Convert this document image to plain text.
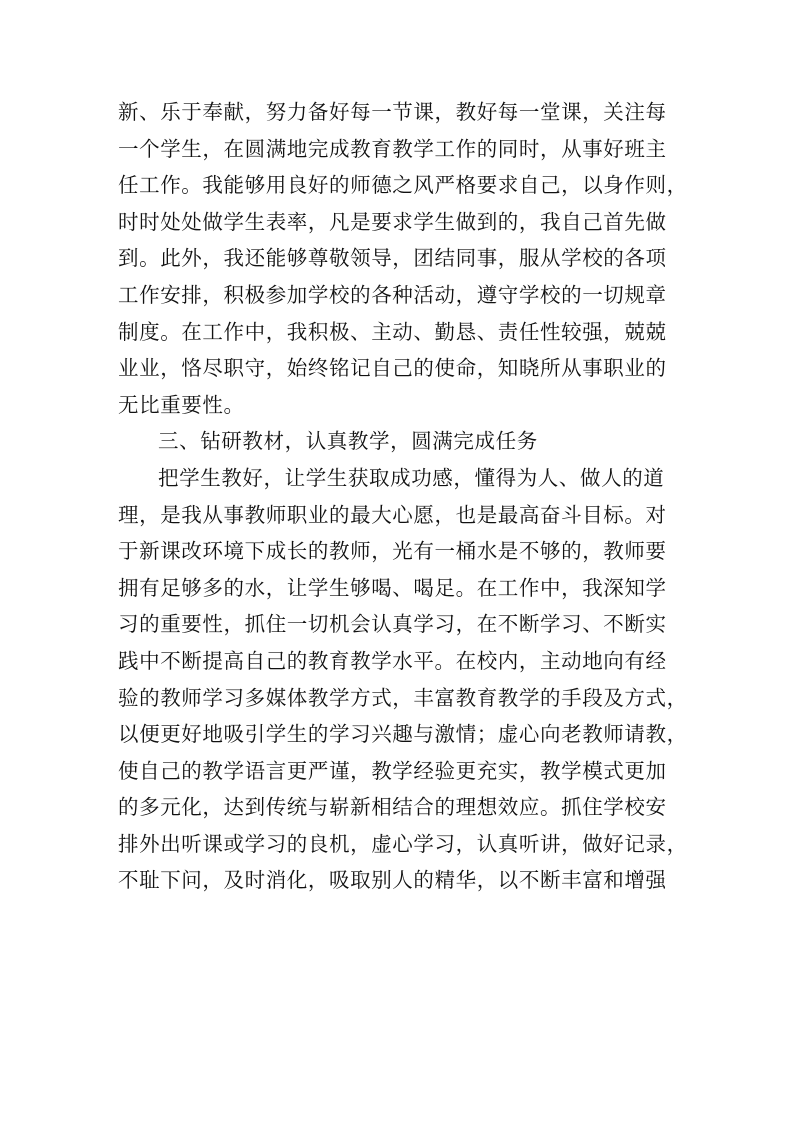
新、乐于奉献，努力备好每一节课，教好每一堂课，关注每
一个学生，在圆满地完成教育教学工作的同时，从事好班主
任工作。我能够用良好的师德之风严格要求自己，以身作则，
时时处处做学生表率，凡是要求学生做到的，我自己首先做
到。此外，我还能够尊敬领导，团结同事，服从学校的各项
工作安排，积极参加学校的各种活动，遵守学校的一切规章
制度。在工作中，我积极、主动、勤恳、责任性较强，兢兢
业业，恪尽职守，始终铭记自己的使命，知晓所从事职业的
无比重要性。
三、钻研教材，认真教学，圆满完成任务
把学生教好，让学生获取成功感，懂得为人、做人的道
理，是我从事教师职业的最大心愿，也是最高奋斗目标。对
于新课改环境下成长的教师，光有一桶水是不够的，教师要
拥有足够多的水，让学生够喝、喝足。在工作中，我深知学
习的重要性，抓住一切机会认真学习，在不断学习、不断实
践中不断提高自己的教育教学水平。在校内，主动地向有经
验的教师学习多媒体教学方式，丰富教育教学的手段及方式，
以便更好地吸引学生的学习兴趣与激情；虚心向老教师请教，
使自己的教学语言更严谨，教学经验更充实，教学模式更加
的多元化，达到传统与崭新相结合的理想效应。抓住学校安
排外出听课或学习的良机，虚心学习，认真听讲，做好记录，
不耻下问，及时消化，吸取别人的精华，以不断丰富和增强
